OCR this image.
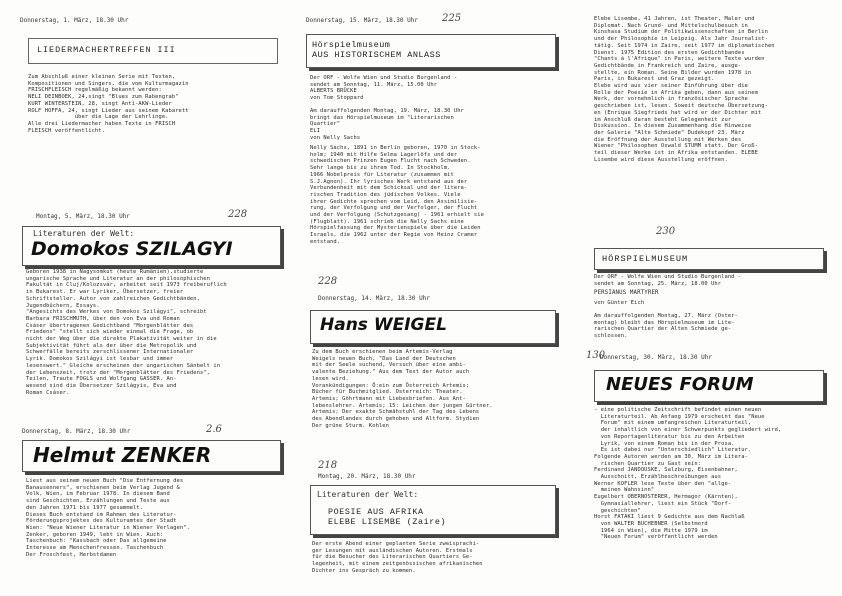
Donnerstag, 1. März, 18.30 Uhr
LIEDERMACHERTREFFEN III
Zum Abschluß einer kleinen Serie mit Texten,
Kompositionen und Singers, die vom Kulturmagazin
FRISCHFLEISCH regelmäßig bekannt werden:
NELI DEINBOEK, 24,singt "Blues zum Rabengrab"
KURT WINTERSTEIN, 28, singt Anti-AKW-Lieder
ROLF HOFFA, 24, singt Lieder aus seinem Kabarett
über die Lage der Lehrlinge.
Alle drei Liedermacher haben Texte in FRISCH
FLEISCH veröffentlicht.
Montag, 5. März, 18.30 Uhr	228
Literaturen der Welt:
Domokos SZILAGYI
Geboren 1938 in Nagysomkut (heute Rumänien),studierte
ungarische Sprache und Literatur an der philosophischen
Fakultät in Cluj/Kolozsvár, arbeitet seit 1973 freiberuflich
in Bukarest. Er war Lyriker, Übersetzer, freier
Schriftsteller. Autor von zahlreichen Gedichtbänden,
Jugendbüchern, Essays.
"Angesichts des Werkes von Domokos Szilágyi", schreibt
Barbara FRISCHMUTH, über den von Eva und Roman
Csáser übertragenen Gedichtband "Morgenblätter des
Friedens" "stellt sich wieder einmal die Frage, ob
nicht der Weg über die direkte Plakativität weiter in die
Subjektivität führt als der über die Metropolik und
Schwerfälle bereits zerschlissener Internationaler
Lyrik. Domokos Szilágyi ist lesbar und immer
lesenswert." Gleiche erscheinen der ungarischen Sänbelt in
der Lebenszeit, trotz der "Morgenblätter des Friedens",
Teilen, Traute FOGLS und Wolfgang GASSER. An-
wesend sind die Übersetzer Szilágyis, Eva und
Roman Csáser.
Donnerstag, 8. März, 18.30 Uhr	2.6
Helmut ZENKER
Liest aus seinem neuen Buch "Die Entfernung des
Banausenners", erschienen beim Verlag Jugend &
Volk, Wien, im Februar 1978. In diesem Band
sind Geschichten, Erzählungen und Texte aus
den Jahren 1971 bis 1977 gesammelt.
Dieses Buch entstand im Rahmen des Literatur-
Förderungsprojektes des Kulturamtes der Stadt
Wien: "Neue Wiener Literatur in Wiener Verlagen".
Zenker, geboren 1949, lebt in Wien. Auch:
Taschenbuch: "Kassbach oder Das allgemeine
Interesse am Menschenfressen. Taschenbuch
Der Froschfest, Herbstdamen
Donnerstag, 15. März, 18.30 Uhr 225
Hörspielmuseum
AUS HISTORISCHEM ANLASS
Der ORF - Wolfe Wien und Studio Burgenland -
sendet am Sonntag, 11. März, 15.00 Uhr
ALBERTS BRÜCKE
von Tom Stoppard
Am darauffolgenden Montag, 19. März, 18.30 Uhr
bringt das Hörspielmuseum im "Literarischen
Quartier"
ELI
von Nelly Sachs
Nelly Sachs, 1891 in Berlin geboren, 1970 in Stock-
holm; 1940 mit Hilfe Selma Lagerlöfs und der
schwedischen Prinzen Eugen Flucht nach Schweden.
Sehr lange bis zu ihrem Tod. In Stockholm.
1966 Nobelpreis für Literatur (zusammen mit
S.J.Agnon). Ihr lyrisches Werk entstand aus der
Verbundenheit mit dem Schicksal und der litera-
rischen Tradition des jüdischen Volkes. Viele
ihrer Gedichte sprechen vom Leid, den Assimilisie-
rung, der Verfolgung und der Verfolger, der Flucht
und der Verfolgung (Schutzgesang) - 1961 erhielt sie
(Flugblatt). 1961 schrieb die Nelly Sachs eine
Hörspielfassung der Mysterienspiele über die Leiden
Israels, die 1962 unter der Regie von Heinz Cramer
entstand.
228
Donnerstag, 14. März, 18.30 Uhr
Hans WEIGEL
Zu dem Buch erschienen beim Artemis-Verlag
Weigels neuen Buch, "Das Land der Deutschen
mit der Seele suchend, Versuch über eine ambi-
valente Beziehung." Aus dem Text der Autor auch
lesen wird.
Vorankündigungen: Ö:ein zum Österreich Artemis;
Bücher für Buchmitglied. Osterreich: Theater.
Artemis; Göhrtmann mit Liebesbriefen. Aus Ant-
lebenslehrer. Artemis; 15: Leichen der jungen Gürtner.
Artemis; Der exakte Schmähstuhl der Tag des Lebens
des Abendlandes durch gehoben und Altform. Stydien
Der grüne Sturm. Kohlen
218
Montag, 20. März, 18.30 Uhr
Literaturen der Welt:
POESIE AUS AFRIKA
ELEBE LISEMBE (Zaire)
Der erste Abend einer geplanten Serie zweisprachi-
ger Lesungen mit ausländischen Autoren. Erstmals
für die Besucher des Literarischen Quartiers Ge-
legenheit, mit einem zeitgenössischen afrikanischen
Dichter ins Gespräch zu kommen.
Elebe Lisembe, 41 Jahren, ist Theater, Maler und
Diplomat. Nach Grund- und Mittelschulbesuch in
Kinshasa Studium der Politikwissenschaften in Berlin
und der Philosophie in Leipzig. Als Jahr Journalist-
tätig. Seit 1974 in Zaire, seit 1977 im diplomatischen
Dienst. 1975 Edition des ersten Gedichtbandes
"Chants à l'Afrique" in Paris, weitere Texte wurden
Gedichtbände in Frankreich und Zaire, ausge-
stellte, ein Roman. Seine Bilder wurden 1978 in
Paris, in Bukarest und Graz gezeigt.
Elebe wird aus vier seiner Einführung über die
Rolle der Poesie in Afrika geben, dann aus seinem
Werk, der vornehmlich in französischer Sprache
geschrieben ist, lesen. Soweit deutsche Übersetzung-
en (Enrique Siegfrieds hat wird er der Dichter mit
im Anschluß daran besteht Gelegenheit zur
Diskussion. In diesem Zusammenhang die Hinweise
der Galerie "Alte Schmiede" Dudekopf 23. März
die Eröffnung der Ausstellung mit Werken des
Wiener "Philosophen Oswald STUMM statt. Der Groß-
teil dieser Werke ist in Afrika entstanden. ELEBE
Lisembe wird diese Ausstellung eröffnen.
230
HÖRSPIELMUSEUM
Der ORF - Wolfe Wien und Studio Burgenland -
sendet am Sonntag, 25. März, 18.00 Uhr
PERSIANUS MARTYRER
von Günter Eich
Am darauffolgenden Montag, 27. März (Oster-
montag) bleibt das Hörspielmuseum im Lite-
rarischen Quartier der Alten Schmiede ge-
schlossen.
130
Donnerstag, 30. März, 18.30 Uhr
NEUES FORUM
- eine politische Zeitschrift befindet einen neuen
Literaturteil. Ab Anfang 1979 erscheint das "Neue
Forum" mit einem umfangreichen Literaturteil,
der inhaltlich von einer Schwerpunkts gegliedert wird,
von Reportagenliteratur bis zu den Arbeiten
Lyrik, von einem Roman bis in der Prosa.
Es ist dabei nur "Unterschiedlich" Literatur.
Folgende Autoren werden am 30. März im Litera-
rischen Quartier zu Gast sein:
Ferdinand JANDOUSKE, Salzburg, Eisenbahner,
Ausschnitt, Erzählbeschreibungen aus
Werner KOFLER lese Texte über den "allge-
meinen Wahnsinn"
Eugelbert OBERNOSTERER, Hermagor (Kärnten),
Gymnasiallehrer, liest ein Stück "Dorf-
geschichten"
Horst FATAKI liest 9 Gedichte aus dem Nachlaß
von WALTER BUCHEBNER (Selbstmord
1964 in Wien), die Mitte 1979 im
"Neuen Forum" veröffentlicht werden
